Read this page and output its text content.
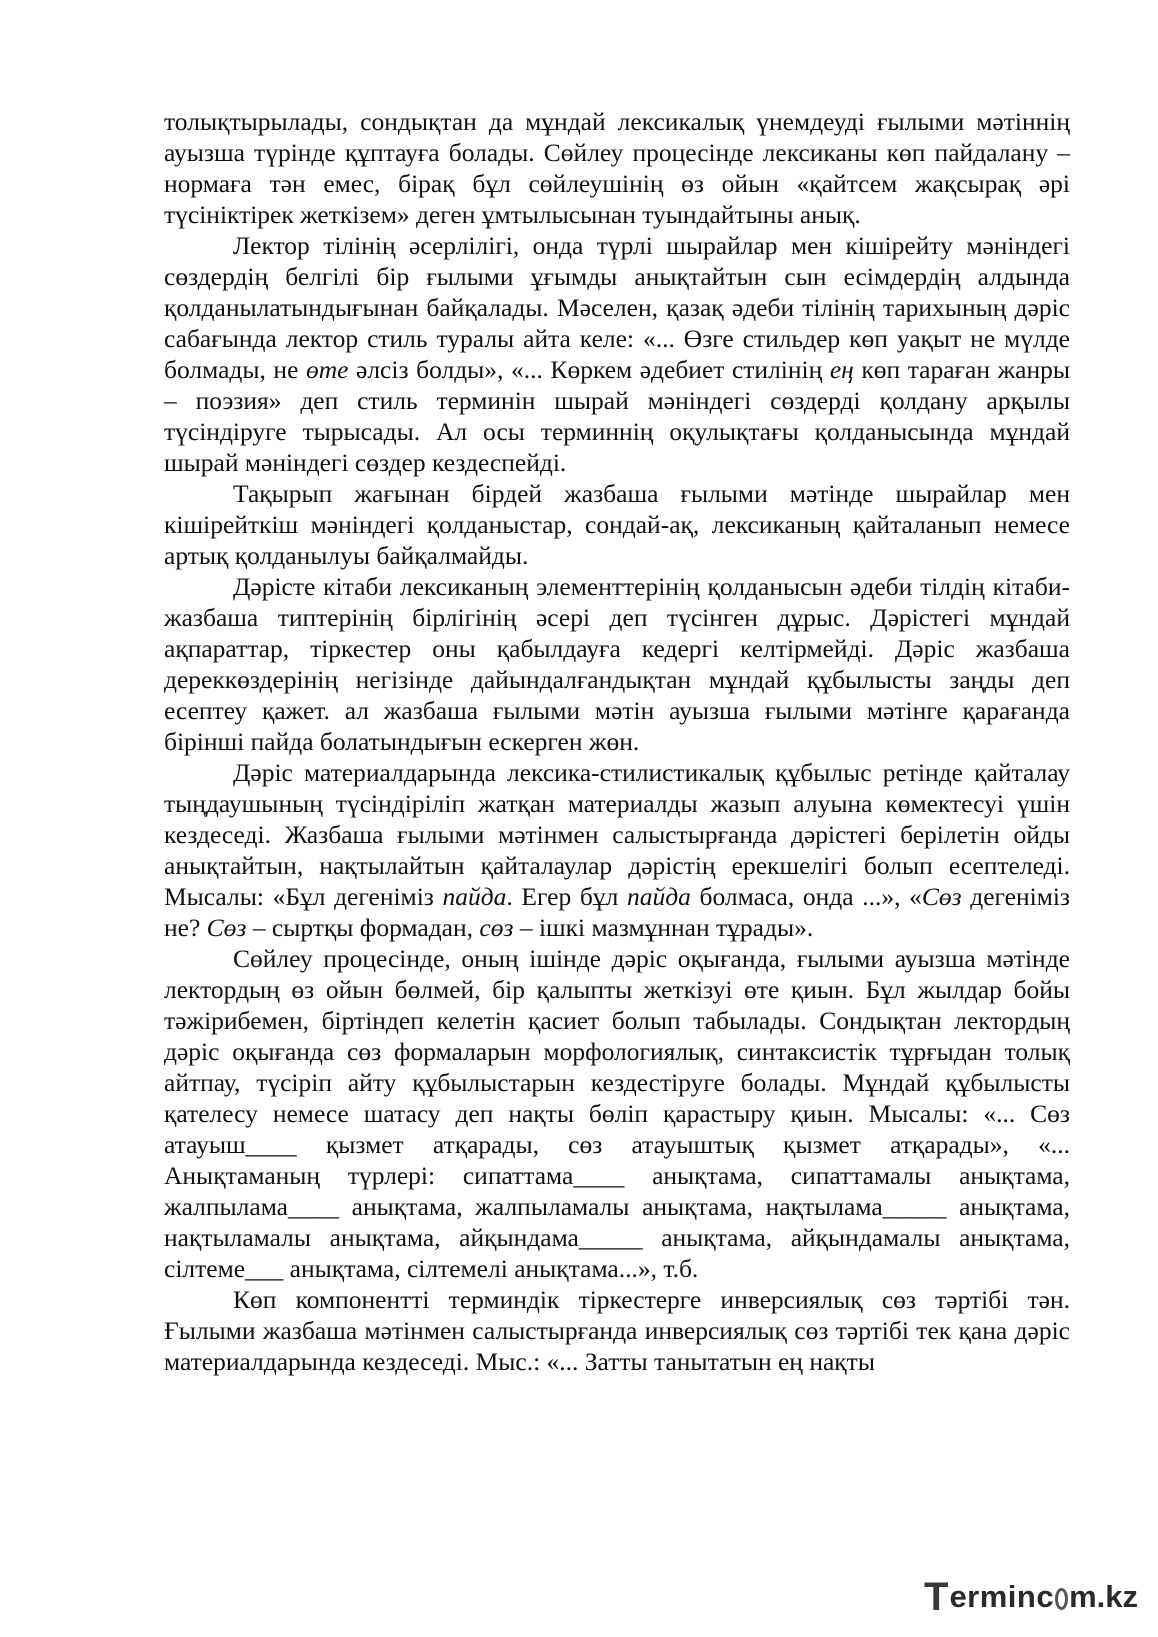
толықтырылады, сондықтан да мұндай лексикалық үнемдеуді ғылыми мәтіннің ауызша түрінде құптауға болады. Сөйлеу процесінде лексиканы көп пайдалану – нормаға тән емес, бірақ бұл сөйлеушінің өз ойын «қайтсем жақсырақ әрі түсініктірек жеткізем» деген ұмтылысынан туындайтыны анық.

Лектор тілінің әсерлілігі, онда түрлі шырайлар мен кішірейту мәніндегі сөздердің белгілі бір ғылыми ұғымды анықтайтын сын есімдердің алдында қолданылатындығынан байқалады. Мәселен, қазақ әдеби тілінің тарихының дәріс сабағында лектор стиль туралы айта келе: «... Өзге стильдер көп уақыт не мүлде болмады, не өте әлсіз болды», «... Көркем әдебиет стилінің ең көп тараған жанры – поэзия» деп стиль терминін шырай мәніндегі сөздерді қолдану арқылы түсіндіруге тырысады. Ал осы терминнің оқулықтағы қолданысында мұндай шырай мәніндегі сөздер кездеспейді.

Тақырып жағынан бірдей жазбаша ғылыми мәтінде шырайлар мен кішірейткіш мәніндегі қолданыстар, сондай-ақ, лексиканың қайталанып немесе артық қолданылуы байқалмайды.

Дәрісте кітаби лексиканың элементтерінің қолданысын әдеби тілдің кітаби-жазбаша типтерінің бірлігінің әсері деп түсінген дұрыс. Дәрістегі мұндай ақпараттар, тіркестер оны қабылдауға кедергі келтірмейді. Дәріс жазбаша дереккөздерінің негізінде дайындалғандықтан мұндай құбылысты заңды деп есептеу қажет. ал жазбаша ғылыми мәтін ауызша ғылыми мәтінге қарағанда бірінші пайда болатындығын ескерген жөн.

Дәріс материалдарында лексика-стилистикалық құбылыс ретінде қайталау тыңдаушының түсіндіріліп жатқан материалды жазып алуына көмектесуі үшін кездеседі. Жазбаша ғылыми мәтінмен салыстырғанда дәрістегі берілетін ойды анықтайтын, нақтылайтын қайталаулар дәрістің ерекшелігі болып есептеледі. Мысалы: «Бұл дегеніміз пайда. Егер бұл пайда болмаса, онда ...», «Сөз дегеніміз не? Сөз – сыртқы формадан, сөз – ішкі мазмұннан тұрады».

Сөйлеу процесінде, оның ішінде дәріс оқығанда, ғылыми ауызша мәтінде лектордың өз ойын бөлмей, бір қалыпты жеткізуі өте қиын. Бұл жылдар бойы тәжірибемен, біртіндеп келетін қасиет болып табылады. Сондықтан лектордың дәріс оқығанда сөз формаларын морфологиялық, синтаксистік тұрғыдан толық айтпау, түсіріп айту құбылыстарын кездестіруге болады. Мұндай құбылысты қателесу немесе шатасу деп нақты бөліп қарастыру қиын. Мысалы: «... Сөз атауыш____ қызмет атқарады, сөз атауыштық қызмет атқарады», «... Анықтаманың түрлері: сипаттама____ анықтама, сипаттамалы анықтама, жалпылама____ анықтама, жалпыламалы анықтама, нақтылама_____ анықтама, нақтыламалы анықтама, айқындама_____ анықтама, айқындамалы анықтама, сілтеме___ анықтама, сілтемелі анықтама...», т.б.

Көп компонентті терминдік тіркестерге инверсиялық сөз тәртібі тән. Ғылыми жазбаша мәтінмен салыстырғанда инверсиялық сөз тәртібі тек қана дәріс материалдарында кездеседі. Мыс.: «... Затты танытатын ең нақты

T erminc m.kz
